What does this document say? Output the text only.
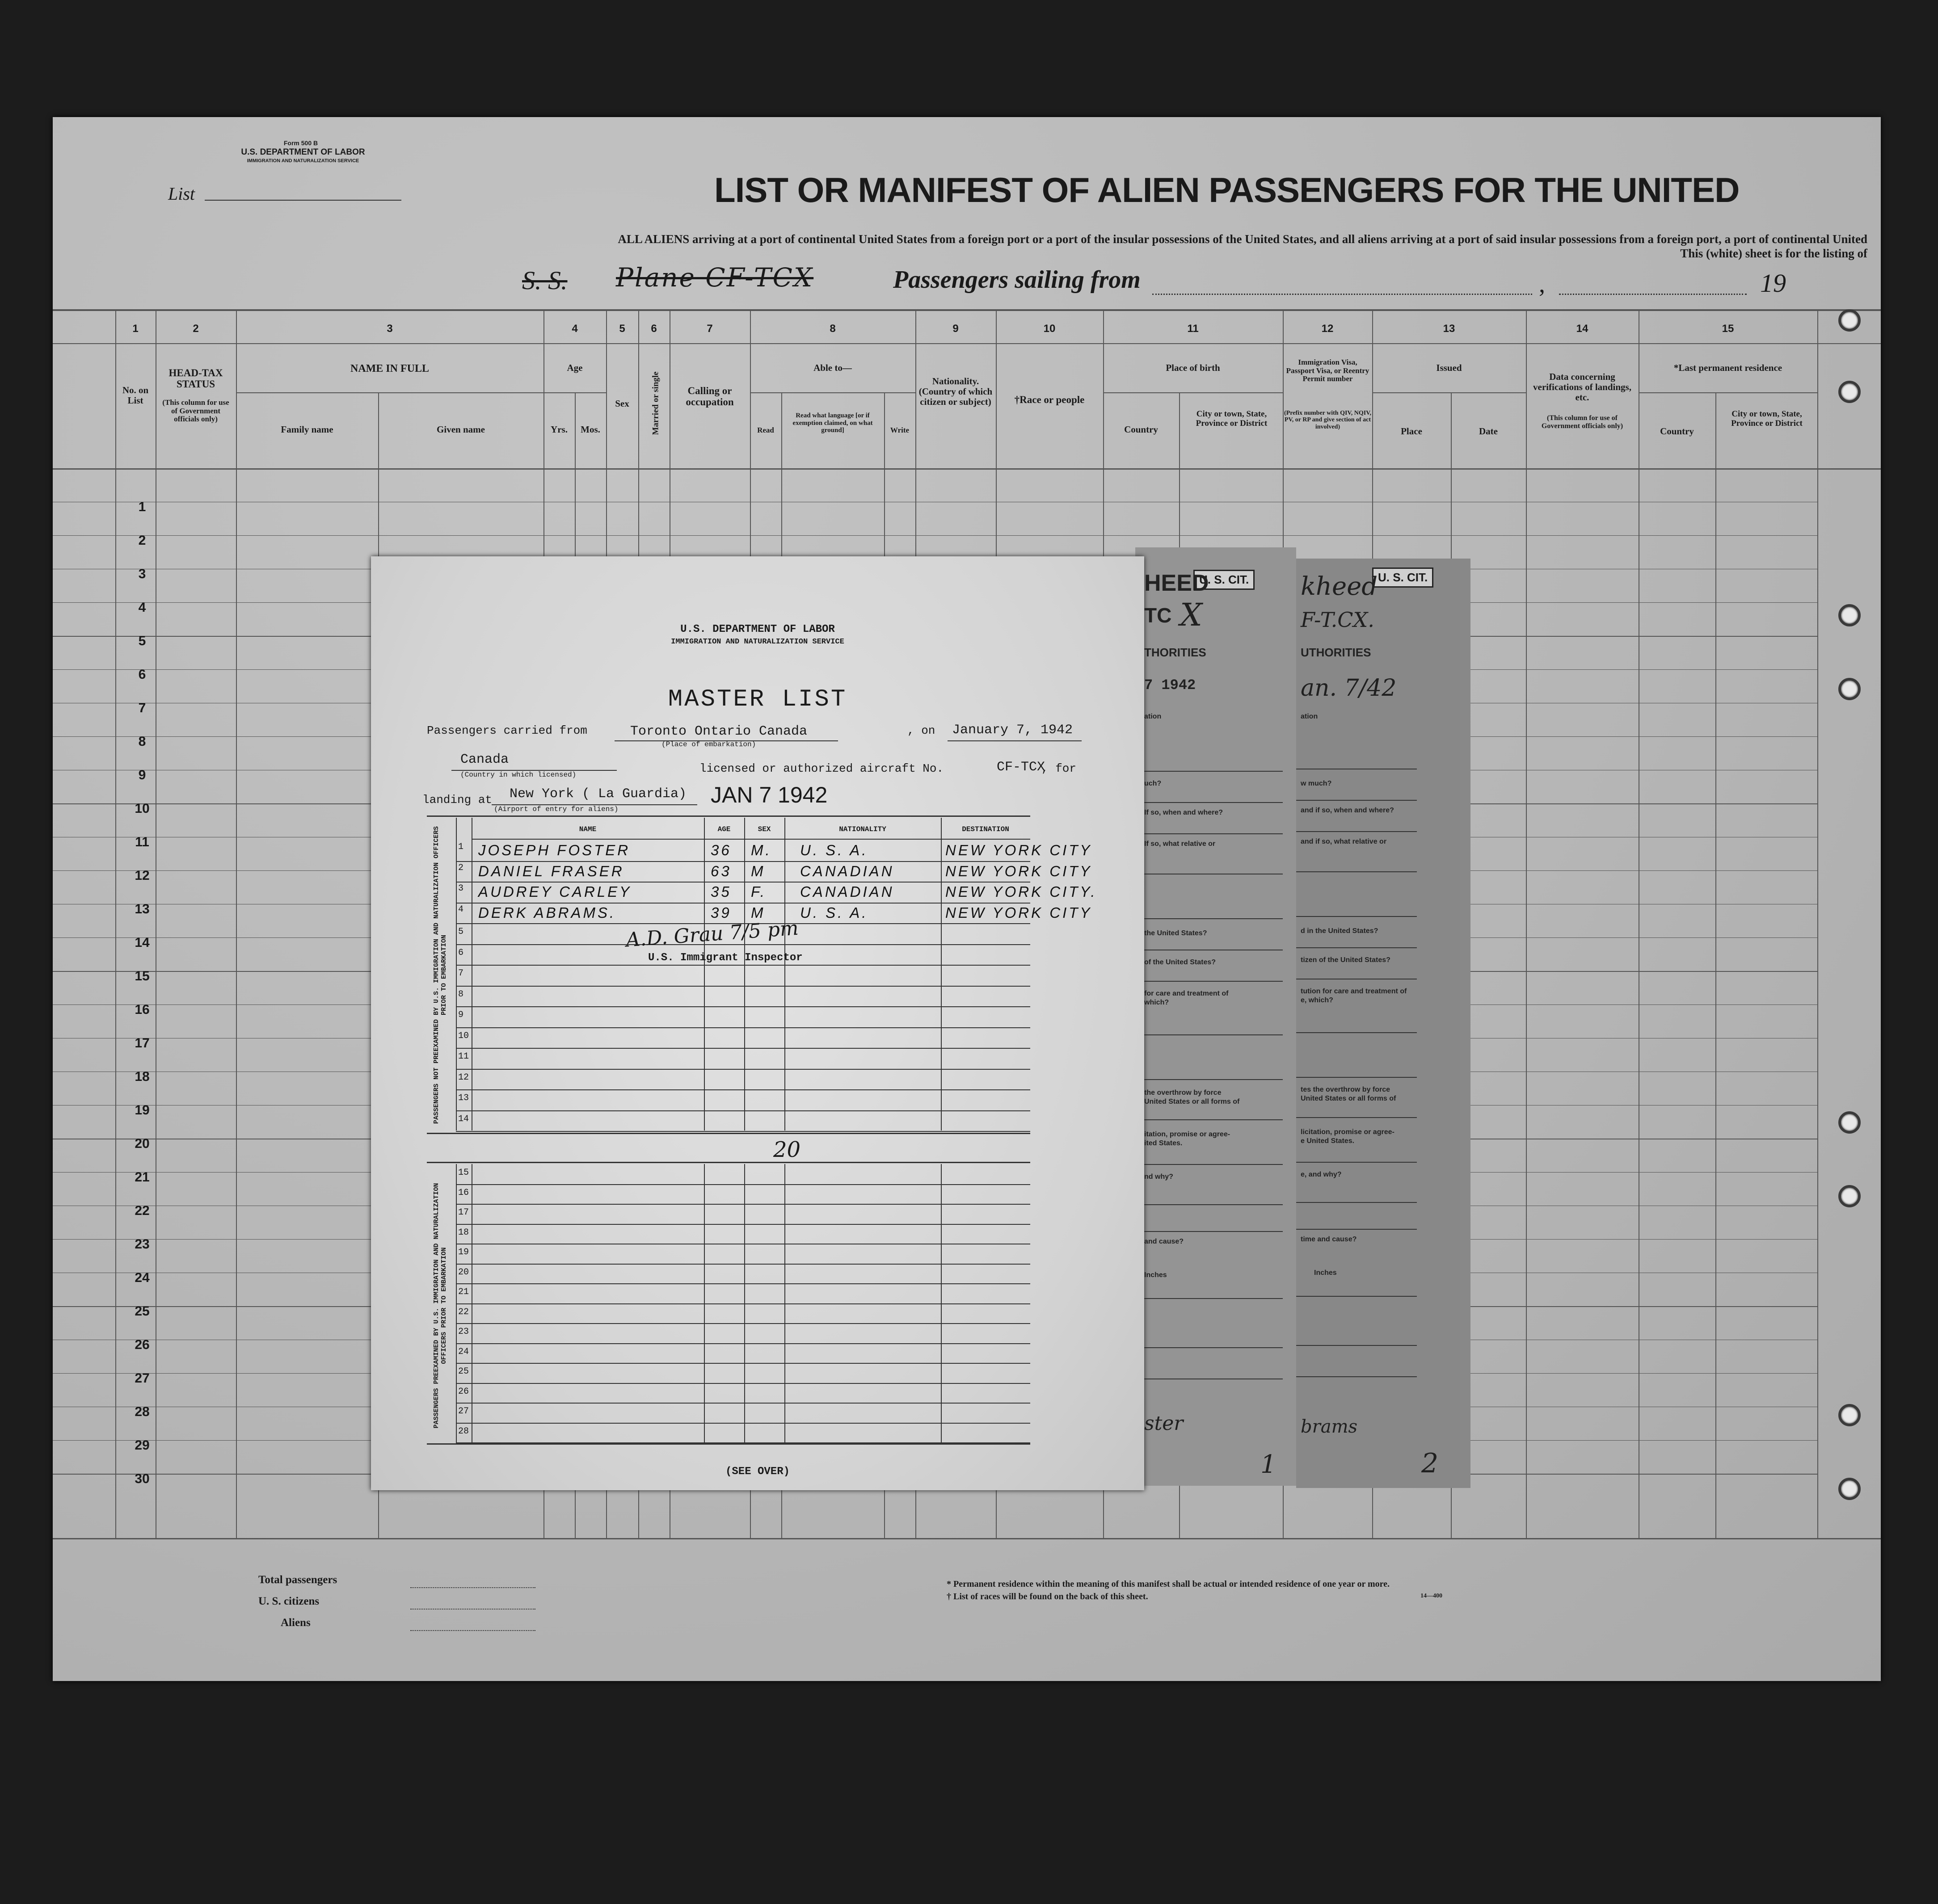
Form 500 B
U.S. DEPARTMENT OF LABOR
IMMIGRATION AND NATURALIZATION SERVICE
List	LIST OR MANIFEST OF ALIEN PASSENGERS FOR THE UNITED
ALL ALIENS arriving at a port of continental United States from a foreign port or a port of the insular possessions of the United States, and all aliens arriving at a port of said insular possessions from a foreign port, a port of continental United
This (white) sheet is for the listing of
S. S. Plane CF-TCX	Passengers sailing from	,	19
1	2	3	4	5	6	7	8	9	10	11	12	13	14	15
No. on List
HEAD-TAX STATUS
(This column for use of Government officials only)
NAME IN FULL
Family name	Given name
Age
Yrs.	Mos.
Sex	Married or single	Calling or occupation
Able to—
Read
Read what language [or if exemption claimed, on what ground]	Write
Nationality. (Country of which citizen or subject)	†Race or people
Place of birth
Country
City or town, State, Province or District
Immigration Visa, Passport Visa, or Reentry Permit number
(Prefix number with QIV, NQIV, PV, or RP and give section of act involved)
Issued
Place	Date
Data concerning verifications of landings, etc.
(This column for use of Government officials only)
*Last permanent residence
Country
City or town, State, Province or District
1
2
3
4
5
6
7
8
9
10
11
12
13
14
15
16
17
18
19
20
21
22
23
24
25
26
27
28
29
30
Total passengers
U. S. citizens
Aliens
* Permanent residence within the meaning of this manifest shall be actual or intended residence of one year or more.
† List of races will be found on the back of this sheet.	14—400
U. S. CIT.
kheed
F-T.CX.
UTHORITIES
an. 7/42
ation
w much?
and if so, when and where?
and if so, what relative or
d in the United States?
tizen of the United States?
tution for care and treatment of
e, which?
tes the overthrow by force
United States or all forms of
licitation, promise or agree-
e United States.
e, and why?
time and cause?
Inches
brams
2
U. S. CIT.
HEED
TC X
THORITIES
7 1942
ation
uch?
If so, when and where?
If so, what relative or
the United States?
of the United States?
for care and treatment of
which?
the overthrow by force
United States or all forms of
itation, promise or agree-
ited States.
nd why?
and cause?
Inches
ster
1
U.S. DEPARTMENT OF LABOR
IMMIGRATION AND NATURALIZATION SERVICE
MASTER LIST
Passengers carried from	Toronto Ontario Canada
(Place of embarkation)
, on January 7, 1942
Canada
(Country in which licensed)	licensed or authorized aircraft No.	CF-TCX
, for
landing at New York ( La Guardia)
(Airport of entry for aliens)
JAN 7 1942
NAME	AGE	SEX	NATIONALITY	DESTINATION
PASSENGERS NOT PREEXAMINED BY U.S. IMMIGRATION AND NATURALIZATION OFFICERS PRIOR TO EMBARKATION
PASSENGERS PREEXAMINED BY U.S. IMMIGRATION AND NATURALIZATION OFFICERS PRIOR TO EMBARKATION
1 JOSEPH FOSTER	36 M. U. S. A.	NEW YORK CITY
2 DANIEL FRASER	63 M CANADIAN	NEW YORK CITY
3 AUDREY CARLEY	35 F. CANADIAN	NEW YORK CITY.
4 DERK ABRAMS.	39 M U. S. A.	NEW YORK CITY
5
6
7
8
9
10
11
12
13
14
15
16
17
18
19
20
21
22
23
24
25
26
27
28
A.D. Grau 7/5 pm
U.S. Immigrant Inspector
20
(SEE OVER)
